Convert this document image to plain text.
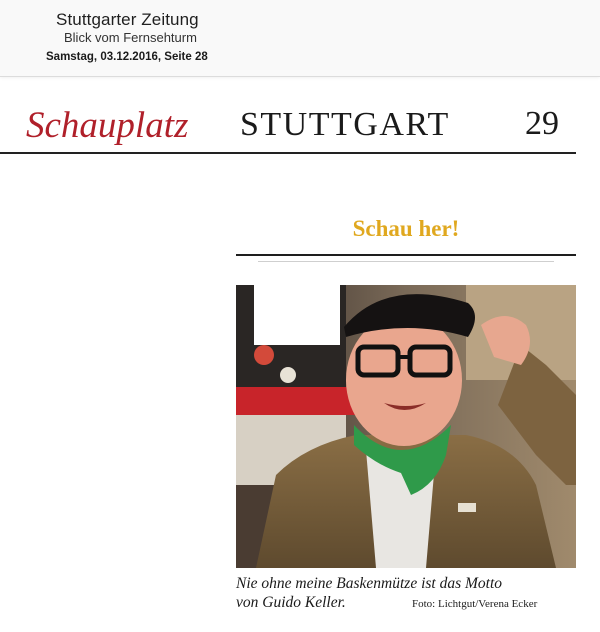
Stuttgarter Zeitung
Blick vom Fernsehturm
Samstag, 03.12.2016, Seite 28
Schauplatz STUTTGART 29
Schau her!
Nie ohne meine Baskenmütze ist das Motto
von Guido Keller.	Foto: Lichtgut/Verena Ecker
